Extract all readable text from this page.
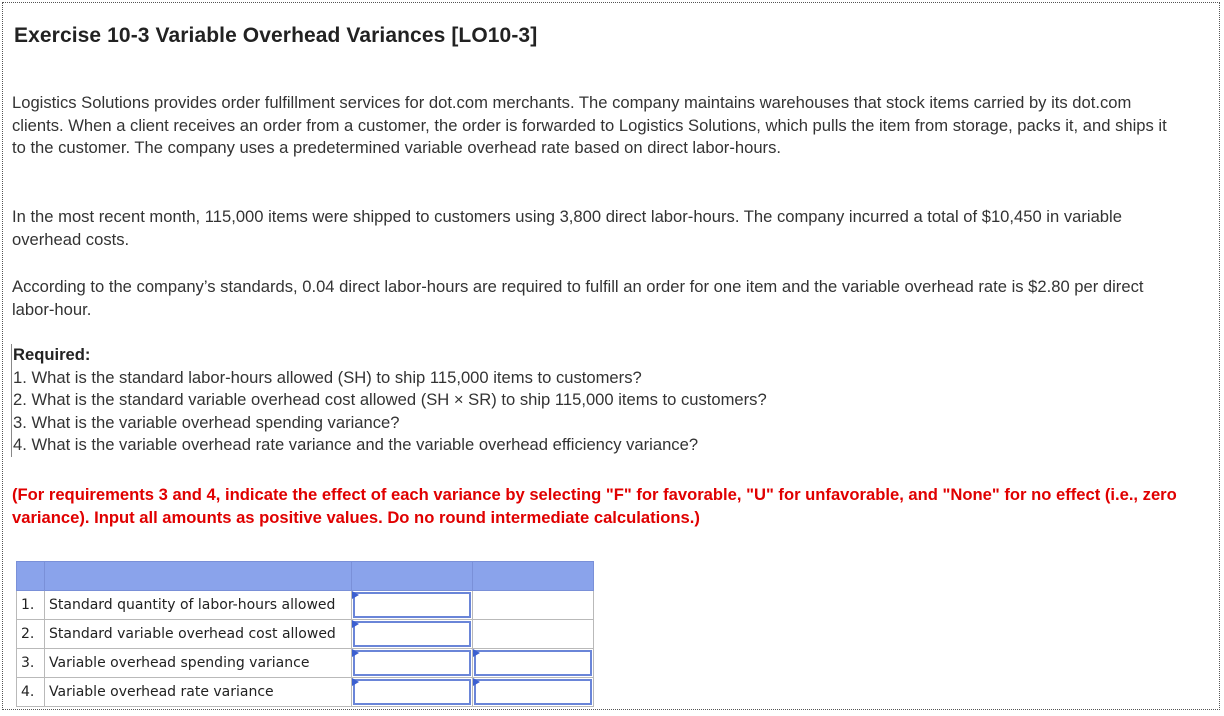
Exercise 10-3 Variable Overhead Variances [LO10-3]
Logistics Solutions provides order fulfillment services for dot.com merchants. The company maintains warehouses that stock items carried by its dot.com clients. When a client receives an order from a customer, the order is forwarded to Logistics Solutions, which pulls the item from storage, packs it, and ships it to the customer. The company uses a predetermined variable overhead rate based on direct labor-hours.
In the most recent month, 115,000 items were shipped to customers using 3,800 direct labor-hours. The company incurred a total of $10,450 in variable overhead costs.
According to the company’s standards, 0.04 direct labor-hours are required to fulfill an order for one item and the variable overhead rate is $2.80 per direct labor-hour.
Required:
1. What is the standard labor-hours allowed (SH) to ship 115,000 items to customers?
2. What is the standard variable overhead cost allowed (SH × SR) to ship 115,000 items to customers?
3. What is the variable overhead spending variance?
4. What is the variable overhead rate variance and the variable overhead efficiency variance?
(For requirements 3 and 4, indicate the effect of each variance by selecting "F" for favorable, "U" for unfavorable, and "None" for no effect (i.e., zero variance). Input all amounts as positive values. Do no round intermediate calculations.)

1.	Standard quantity of labor-hours allowed	

2.	Standard variable overhead cost allowed	

3.	Variable overhead spending variance	

4.	Variable overhead rate variance	
